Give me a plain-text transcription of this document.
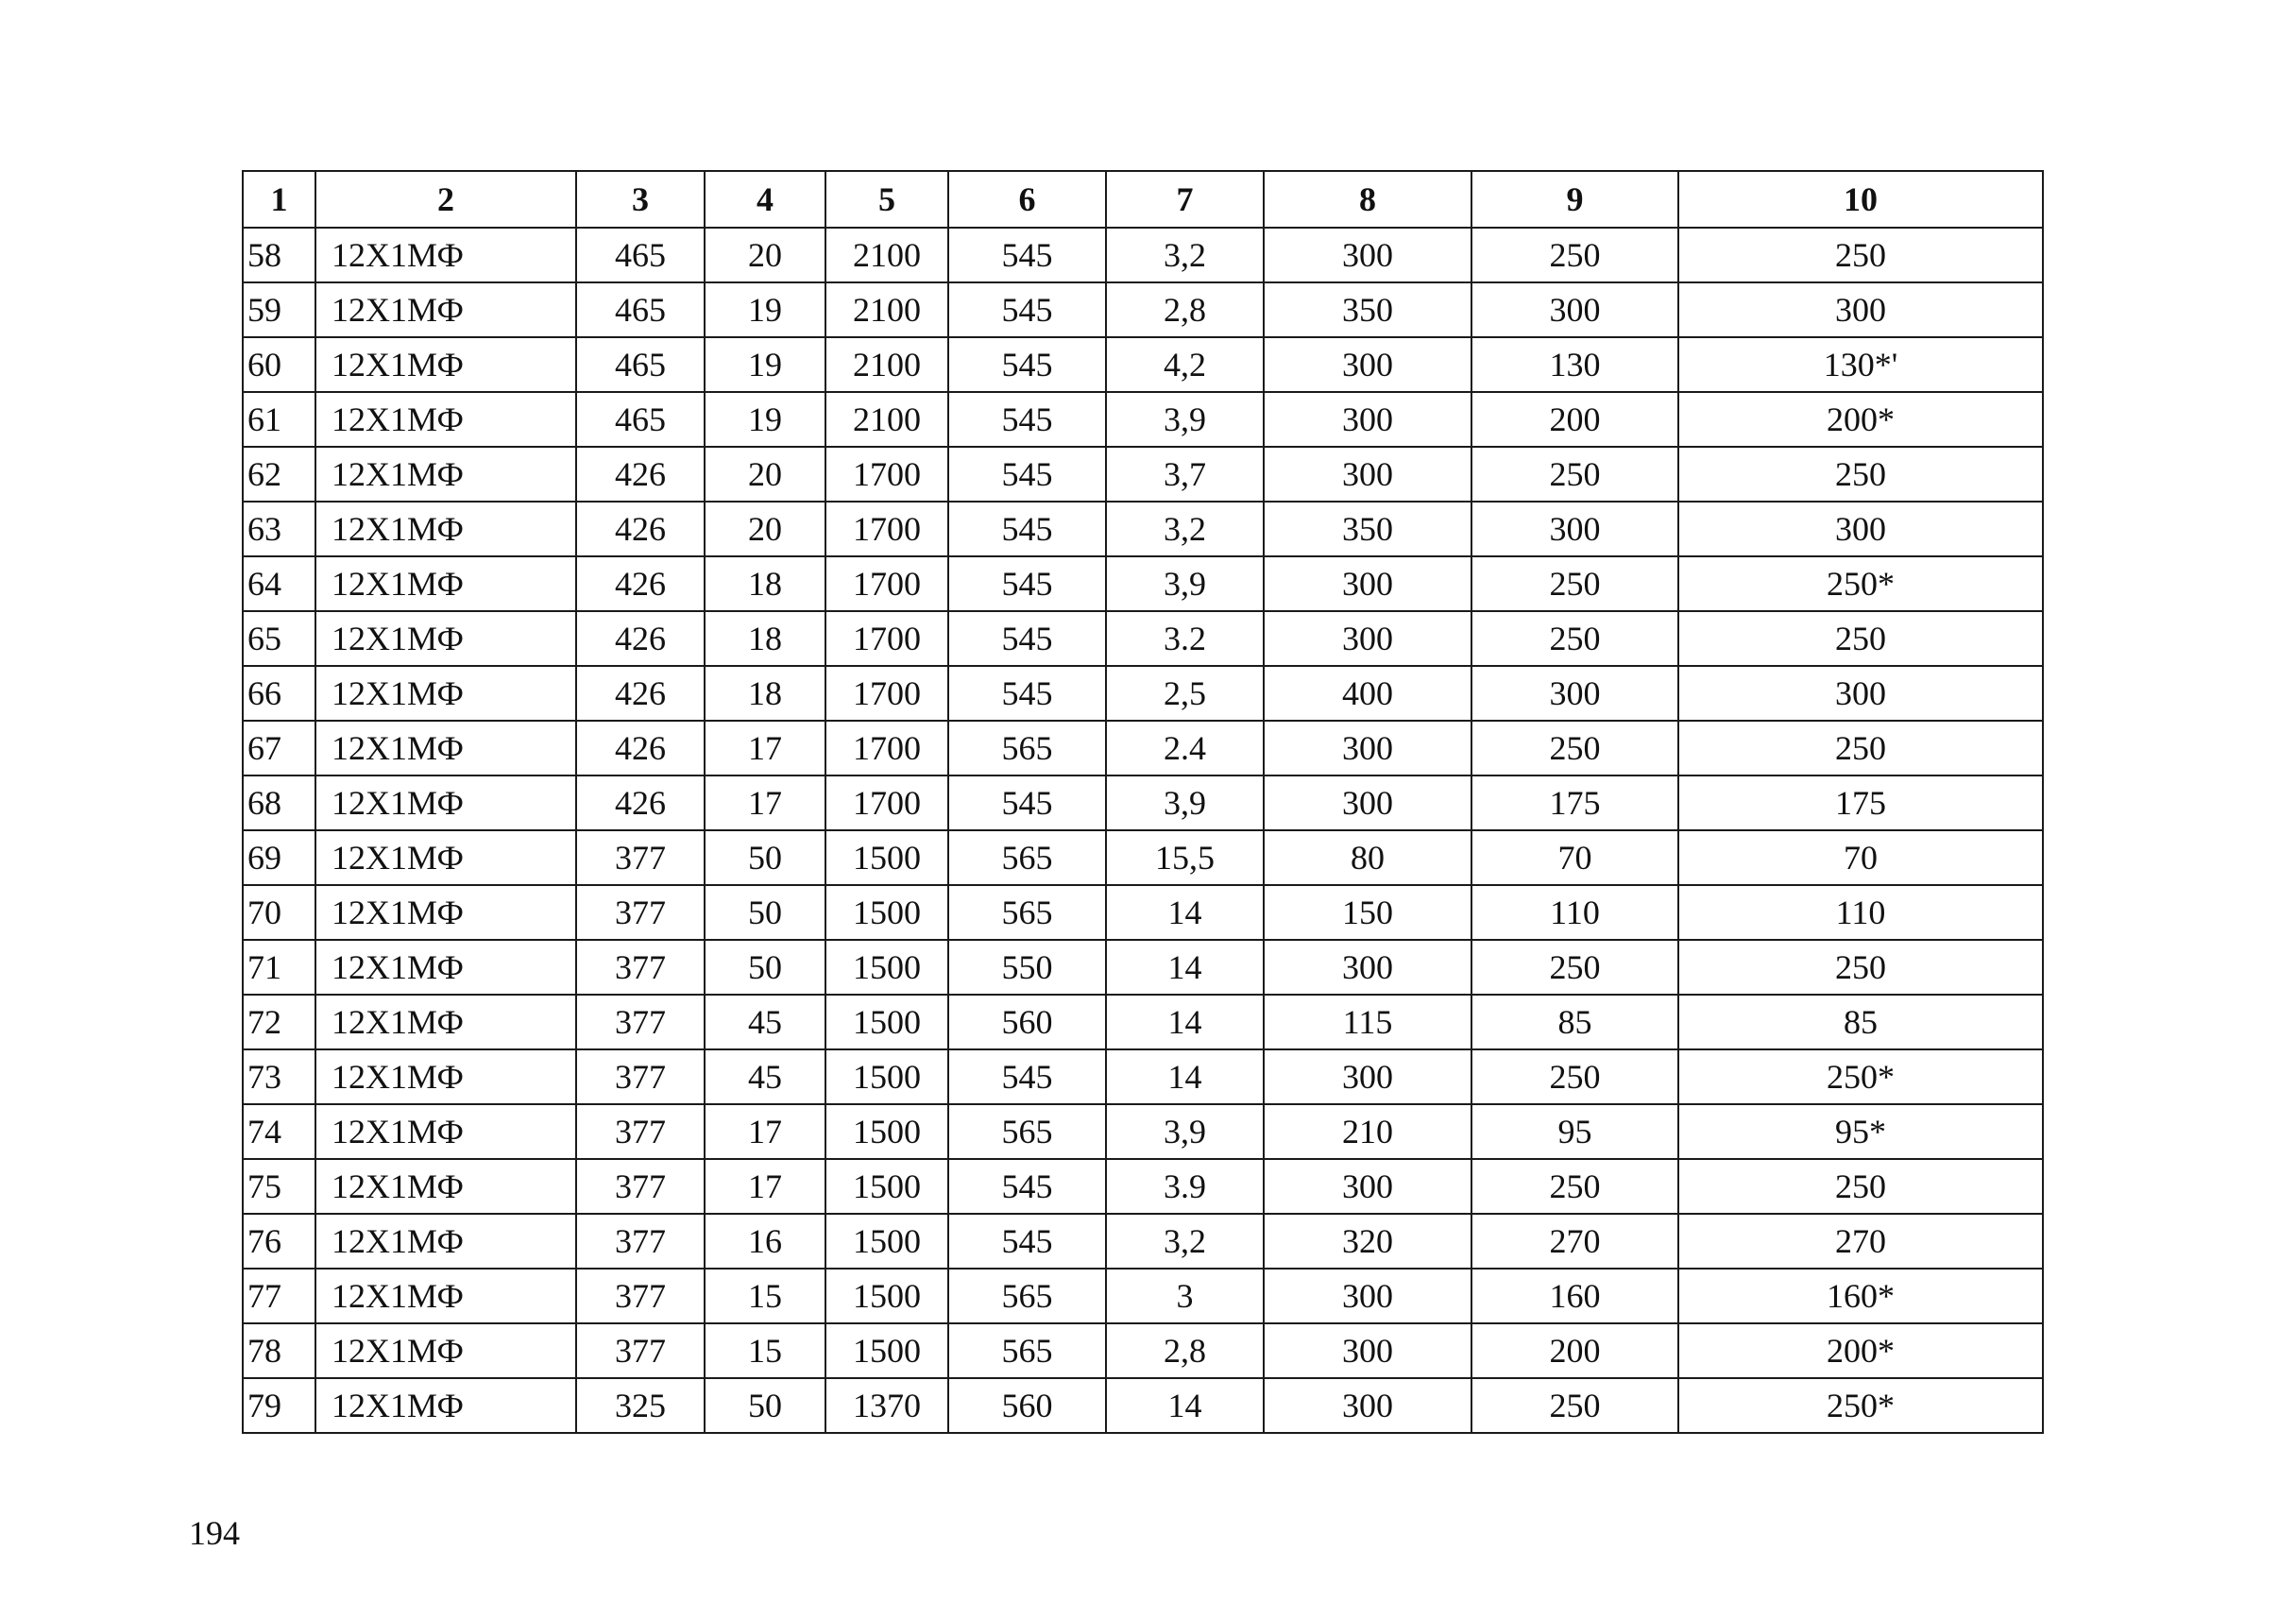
1	2	3	4	5	6	7	8	9	10
58	12Х1МФ	465	20	2100	545	3,2	300	250	250
59	12Х1МФ	465	19	2100	545	2,8	350	300	300
60	12Х1МФ	465	19	2100	545	4,2	300	130	130*'
61	12Х1МФ	465	19	2100	545	3,9	300	200	200*
62	12Х1МФ	426	20	1700	545	3,7	300	250	250
63	12Х1МФ	426	20	1700	545	3,2	350	300	300
64	12Х1МФ	426	18	1700	545	3,9	300	250	250*
65	12Х1МФ	426	18	1700	545	3.2	300	250	250
66	12Х1МФ	426	18	1700	545	2,5	400	300	300
67	12Х1МФ	426	17	1700	565	2.4	300	250	250
68	12Х1МФ	426	17	1700	545	3,9	300	175	175
69	12Х1МФ	377	50	1500	565	15,5	80	70	70
70	12Х1МФ	377	50	1500	565	14	150	110	110
71	12Х1МФ	377	50	1500	550	14	300	250	250
72	12Х1МФ	377	45	1500	560	14	115	85	85
73	12Х1МФ	377	45	1500	545	14	300	250	250*
74	12Х1МФ	377	17	1500	565	3,9	210	95	95*
75	12Х1МФ	377	17	1500	545	3.9	300	250	250
76	12Х1МФ	377	16	1500	545	3,2	320	270	270
77	12Х1МФ	377	15	1500	565	3	300	160	160*
78	12Х1МФ	377	15	1500	565	2,8	300	200	200*
79	12Х1МФ	325	50	1370	560	14	300	250	250*
194
